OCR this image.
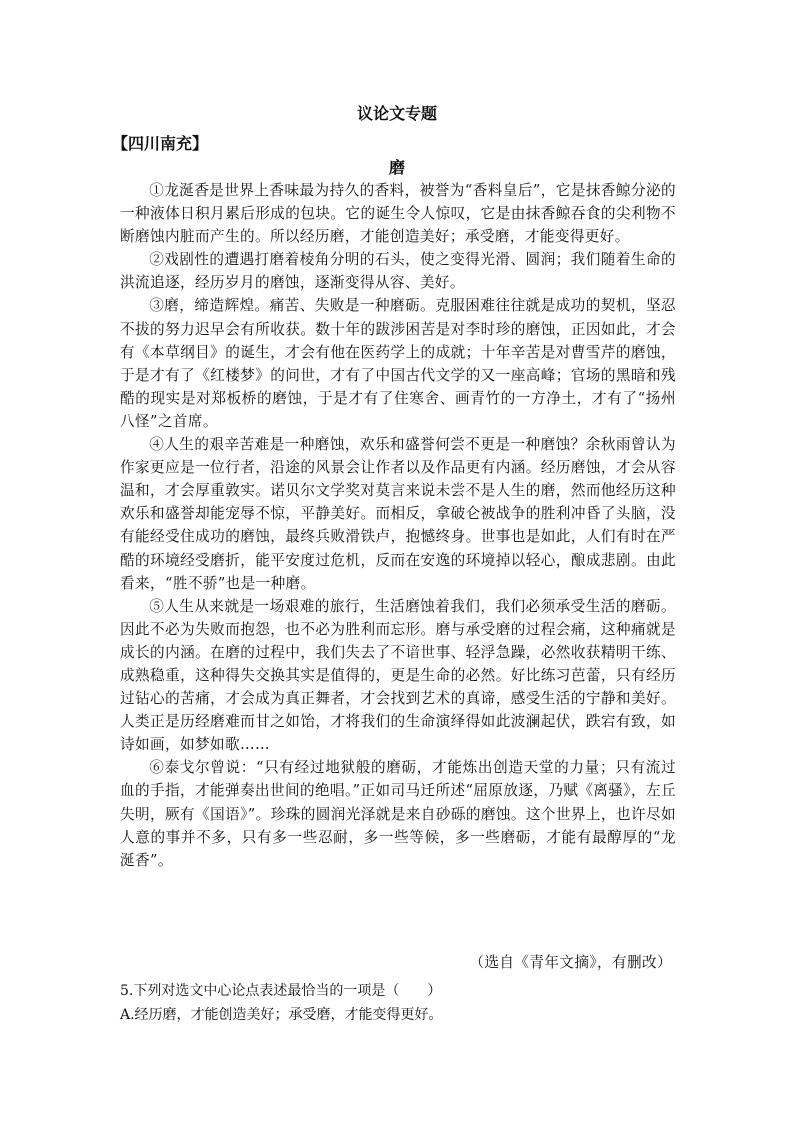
议论文专题
【四川南充】
磨

①龙涎香是世界上香味最为持久的香料，被誉为“香料皇后”，它是抹香鲸分泌的一种液体日积月累后形成的包块。它的诞生令人惊叹，它是由抹香鲸吞食的尖利物不断磨蚀内脏而产生的。所以经历磨，才能创造美好；承受磨，才能变得更好。

②戏剧性的遭遇打磨着棱角分明的石头，使之变得光滑、圆润；我们随着生命的洪流追逐，经历岁月的磨蚀，逐渐变得从容、美好。

③磨，缔造辉煌。痛苦、失败是一种磨砺。克服困难往往就是成功的契机，坚忍不拔的努力迟早会有所收获。数十年的跋涉困苦是对李时珍的磨蚀，正因如此，才会有《本草纲目》的诞生，才会有他在医药学上的成就；十年辛苦是对曹雪芹的磨蚀，于是才有了《红楼梦》的问世，才有了中国古代文学的又一座高峰；官场的黑暗和残酷的现实是对郑板桥的磨蚀，于是才有了住寒舍、画青竹的一方净土，才有了“扬州八怪”之首席。

④人生的艰辛苦难是一种磨蚀，欢乐和盛誉何尝不更是一种磨蚀？余秋雨曾认为作家更应是一位行者，沿途的风景会让作者以及作品更有内涵。经历磨蚀，才会从容温和，才会厚重敦实。诺贝尔文学奖对莫言来说未尝不是人生的磨，然而他经历这种欢乐和盛誉却能宠辱不惊，平静美好。而相反，拿破仑被战争的胜利冲昏了头脑，没有能经受住成功的磨蚀，最终兵败滑铁卢，抱憾终身。世事也是如此，人们有时在严酷的环境经受磨折，能平安度过危机，反而在安逸的环境掉以轻心，酿成悲剧。由此看来，“胜不骄”也是一种磨。

⑤人生从来就是一场艰难的旅行，生活磨蚀着我们，我们必须承受生活的磨砺。因此不必为失败而抱怨，也不必为胜利而忘形。磨与承受磨的过程会痛，这种痛就是成长的内涵。在磨的过程中，我们失去了不谙世事、轻浮急躁，必然收获精明干练、成熟稳重，这种得失交换其实是值得的，更是生命的必然。好比练习芭蕾，只有经历过钻心的苦痛，才会成为真正舞者，才会找到艺术的真谛，感受生活的宁静和美好。人类正是历经磨难而甘之如饴，才将我们的生命演绎得如此波澜起伏，跌宕有致，如诗如画，如梦如歌……

⑥泰戈尔曾说：“只有经过地狱般的磨砺，才能炼出创造天堂的力量；只有流过血的手指，才能弹奏出世间的绝唱。”正如司马迁所述“屈原放逐，乃赋《离骚》，左丘失明，厥有《国语》”。珍珠的圆润光泽就是来自砂砾的磨蚀。这个世界上，也许尽如人意的事并不多，只有多一些忍耐，多一些等候，多一些磨砺，才能有最醇厚的“龙涎香”。

（选自《青年文摘》，有删改）
5.下列对选文中心论点表述最恰当的一项是（　　）
A.经历磨，才能创造美好；承受磨，才能变得更好。
